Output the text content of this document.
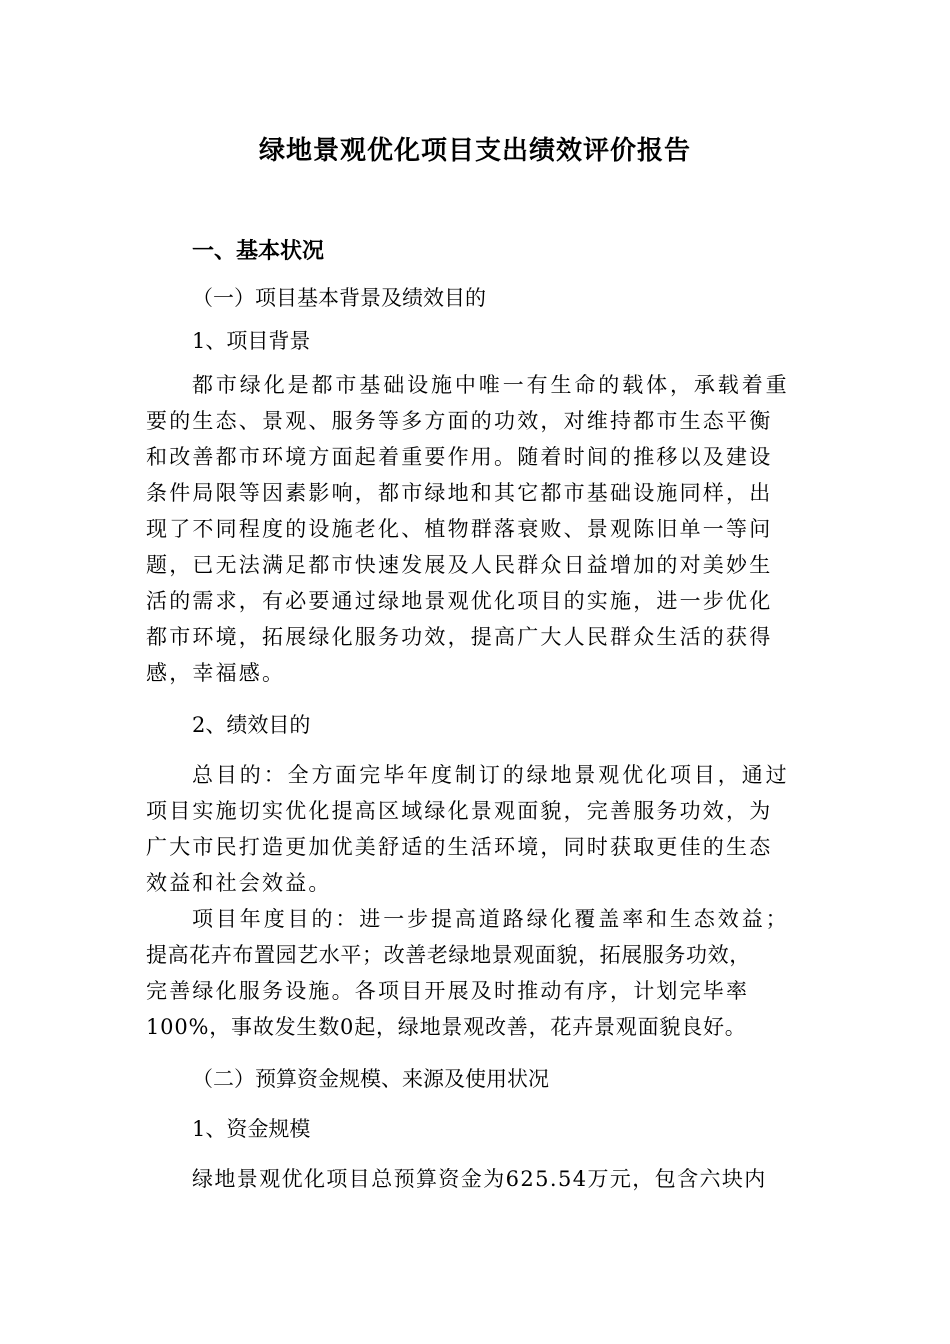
绿地景观优化项目支出绩效评价报告
一、基本状况

（一）项目基本背景及绩效目的

1、项目背景

都市绿化是都市基础设施中唯一有生命的载体，承载着重

要的生态、景观、服务等多方面的功效，对维持都市生态平衡

和改善都市环境方面起着重要作用。随着时间的推移以及建设

条件局限等因素影响，都市绿地和其它都市基础设施同样，出

现了不同程度的设施老化、植物群落衰败、景观陈旧单一等问

题，已无法满足都市快速发展及人民群众日益增加的对美妙生

活的需求，有必要通过绿地景观优化项目的实施，进一步优化

都市环境，拓展绿化服务功效，提高广大人民群众生活的获得

感，幸福感。

2、绩效目的

总目的：全方面完毕年度制订的绿地景观优化项目，通过

项目实施切实优化提高区域绿化景观面貌，完善服务功效，为

广大市民打造更加优美舒适的生活环境，同时获取更佳的生态

效益和社会效益。

项目年度目的：进一步提高道路绿化覆盖率和生态效益；

提高花卉布置园艺水平；改善老绿地景观面貌，拓展服务功效，

完善绿化服务设施。各项目开展及时推动有序，计划完毕率

100%，事故发生数0起，绿地景观改善，花卉景观面貌良好。

（二）预算资金规模、来源及使用状况

1、资金规模

绿地景观优化项目总预算资金为625.54万元，包含六块内
